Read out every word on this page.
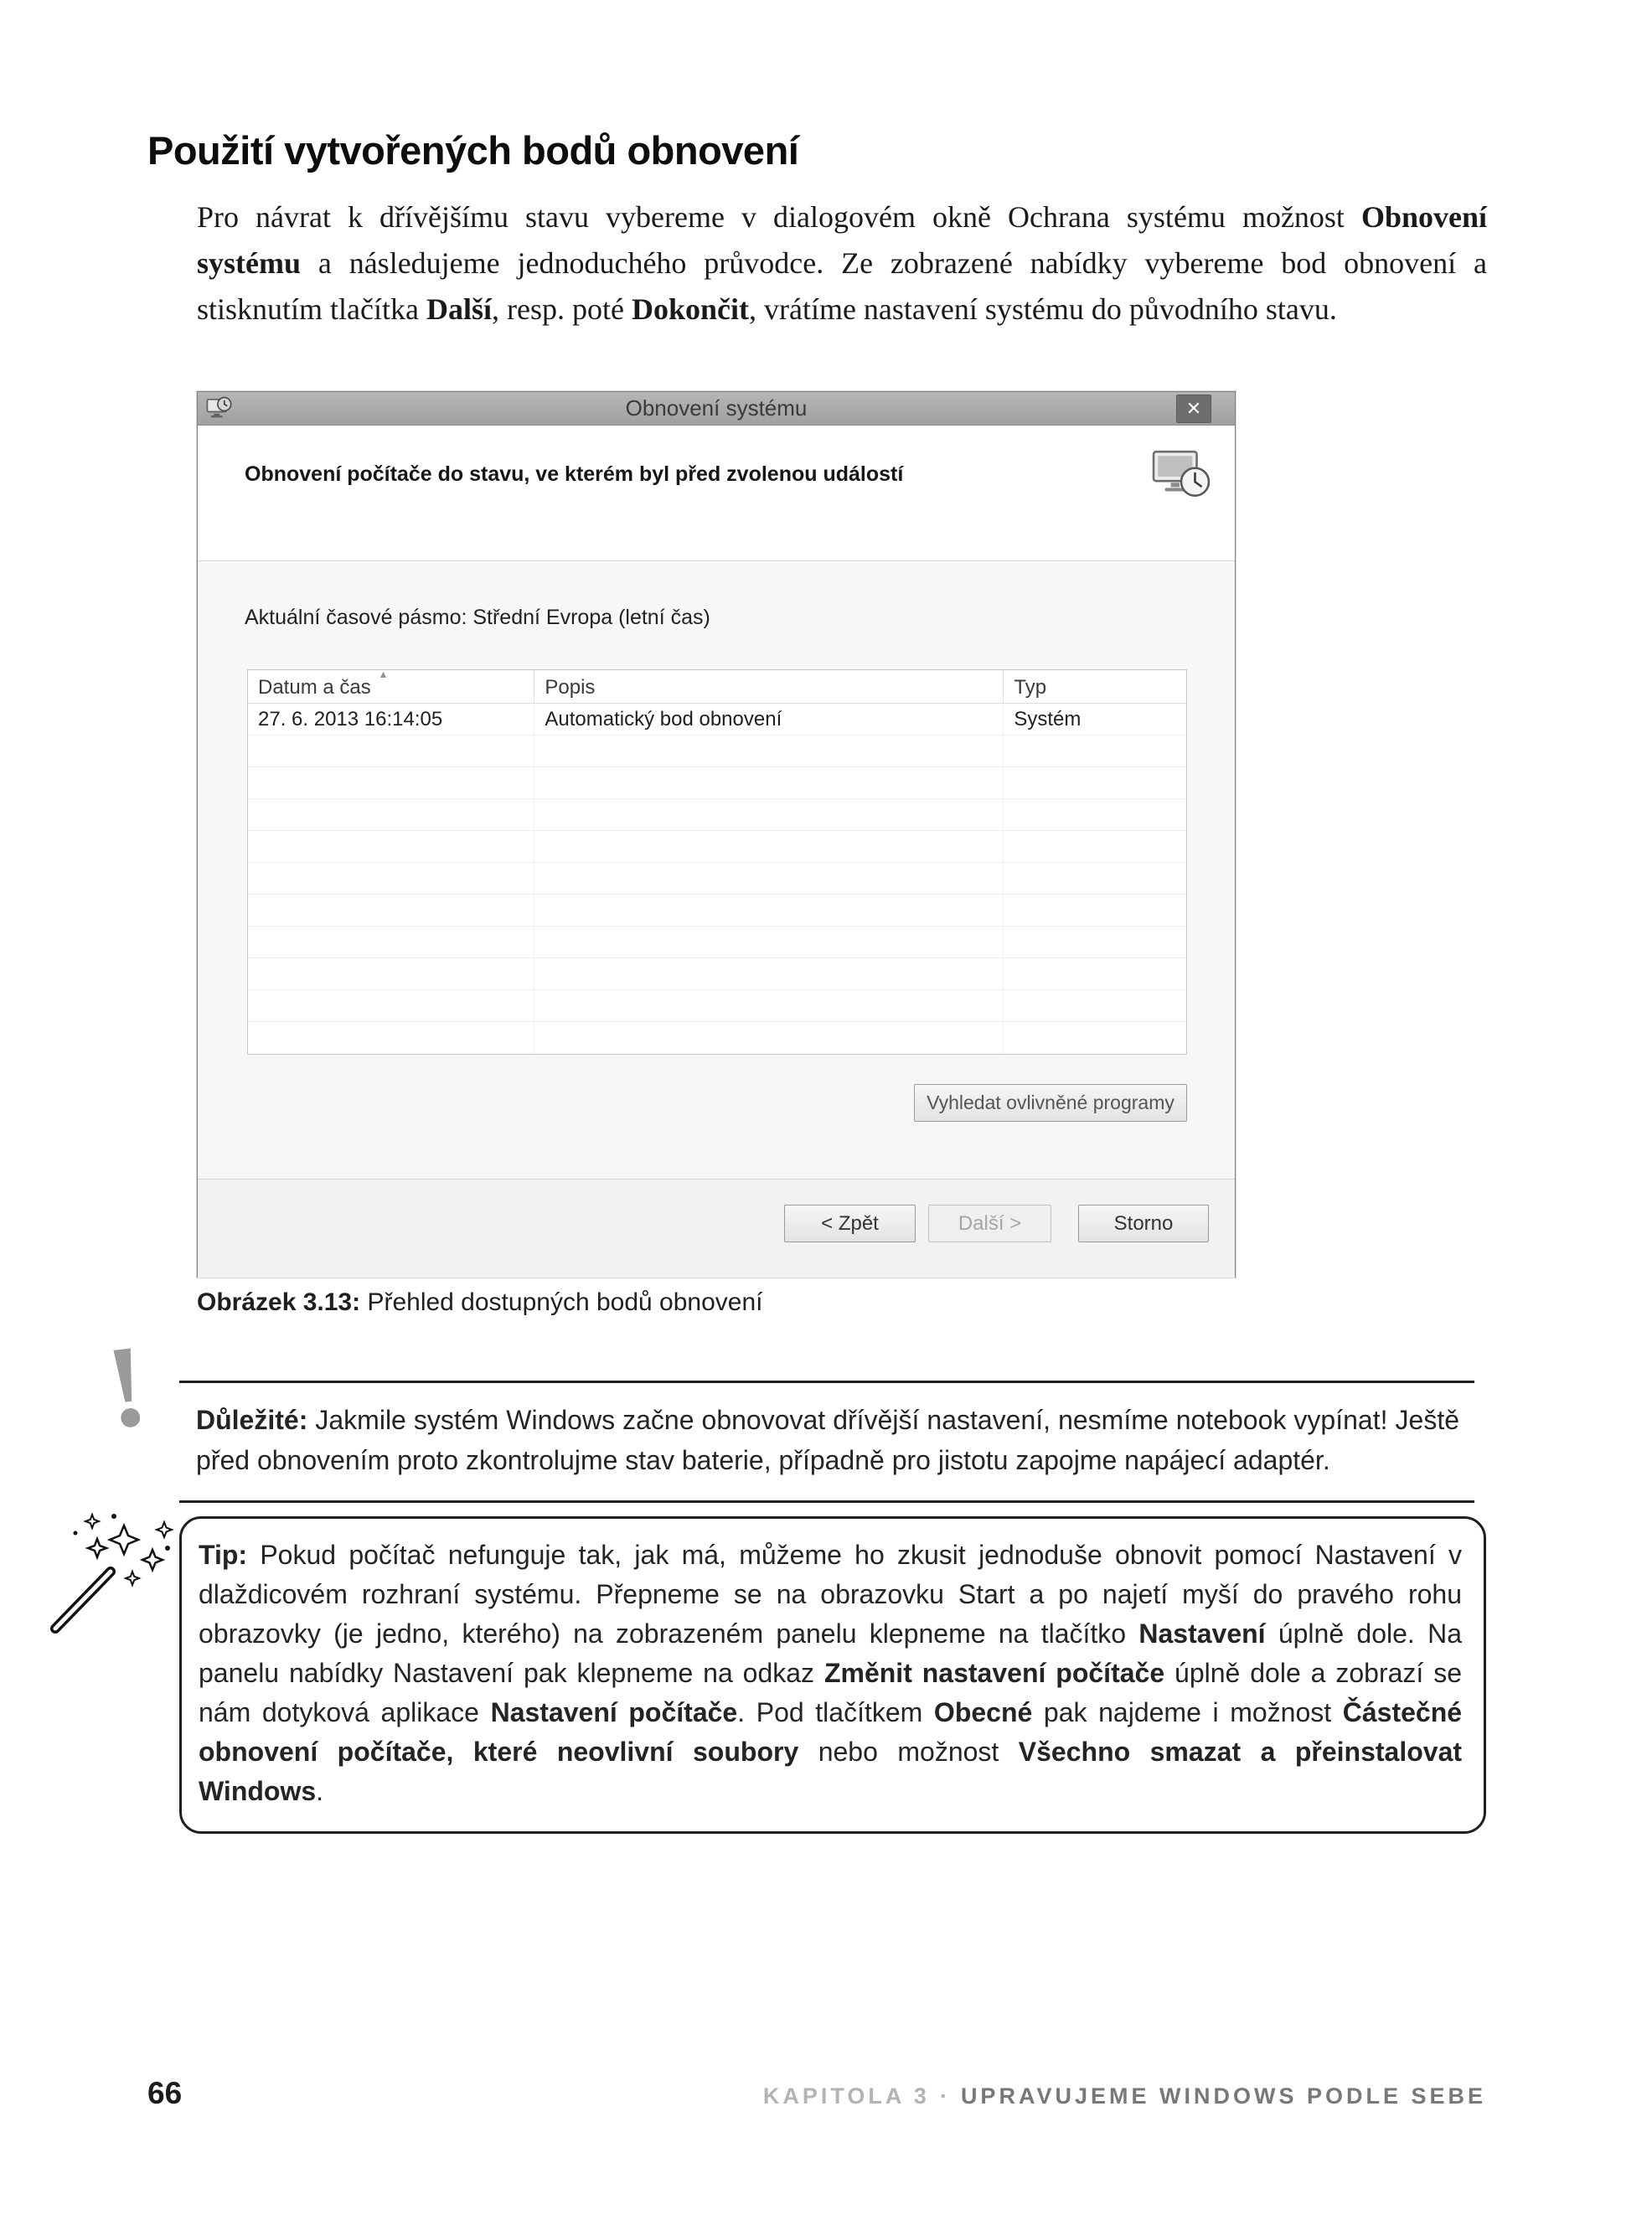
Použití vytvořených bodů obnovení

Pro návrat k dřívějšímu stavu vybereme v dialogovém okně Ochrana systému možnost Obnovení systému a následujeme jednoduchého průvodce. Ze zobrazené nabídky vybereme bod obnovení a stisknutím tlačítka Další, resp. poté Dokončit, vrátíme nastavení systému do původního stavu.

Obnovení systému	✕
Obnovení počítače do stavu, ve kterém byl před zvolenou událostí
Aktuální časové pásmo: Střední Evropa (letní čas)
▴
Datum a čas	Popis	Typ
27. 6. 2013 16:14:05	Automatický bod obnovení	Systém
Vyhledat ovlivněné programy
< Zpět	Další >	Storno

Obrázek 3.13: Přehled dostupných bodů obnovení

!	Důležité: Jakmile systém Windows začne obnovovat dřívější nastavení, nesmíme notebook vypínat! Ještě před obnovením proto zkontrolujme stav baterie, případně pro jistotu zapojme napájecí adaptér.
Tip: Pokud počítač nefunguje tak, jak má, můžeme ho zkusit jednoduše obnovit pomocí Nastavení v dlaždicovém rozhraní systému. Přepneme se na obrazovku Start a po najetí myší do pravého rohu obrazovky (je jedno, kterého) na zobrazeném panelu klepneme na tlačítko Nastavení úplně dole. Na panelu nabídky Nastavení pak klepneme na odkaz Změnit nastavení počítače úplně dole a zobrazí se nám dotyková aplikace Nastavení počítače. Pod tlačítkem Obecné pak najdeme i možnost Částečné obnovení počítače, které neovlivní soubory nebo možnost Všechno smazat a přeinstalovat Windows.
66	KAPITOLA 3 · UPRAVUJEME WINDOWS PODLE SEBE
